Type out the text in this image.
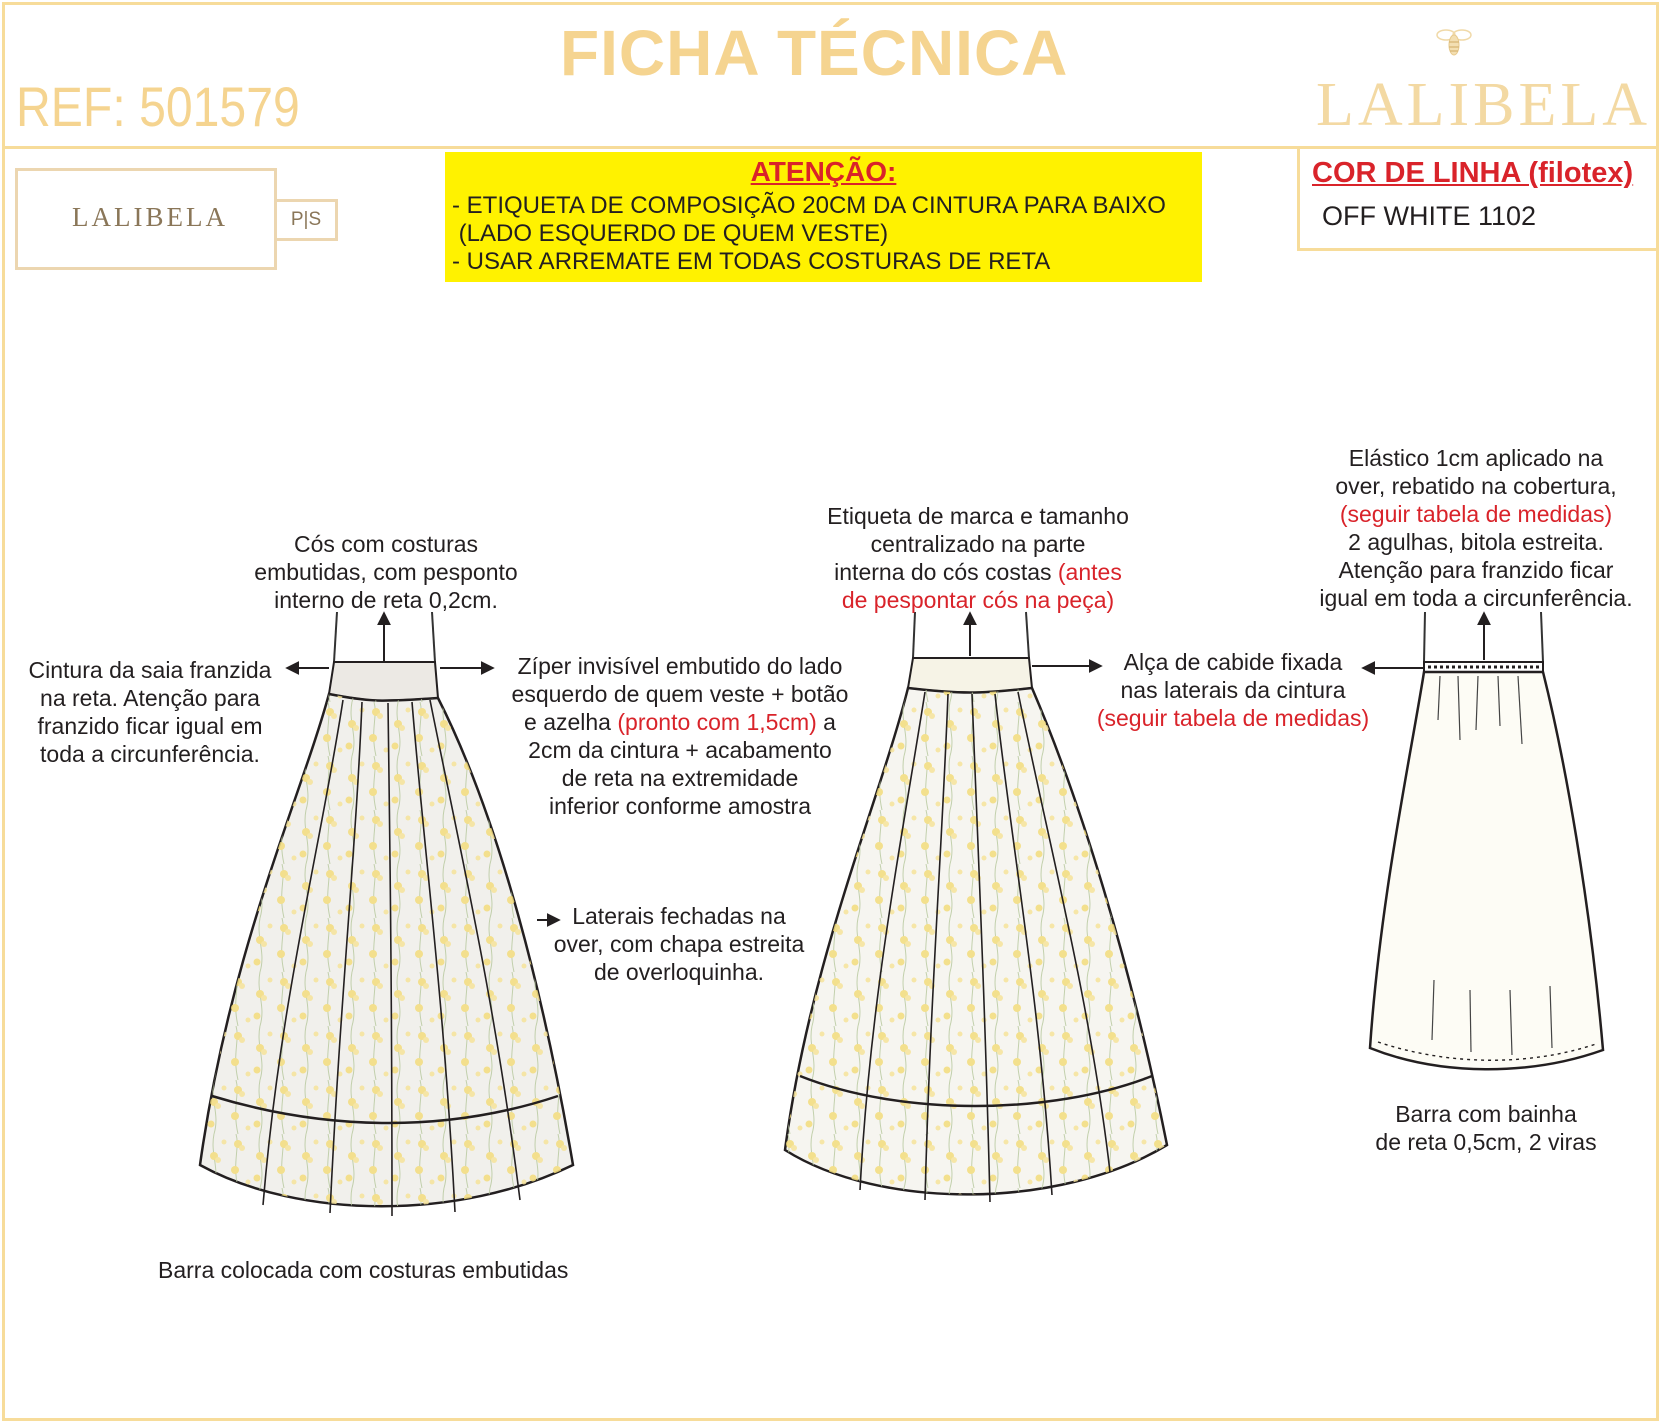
FICHA TÉCNICA
REF: 501579	LALIBELA
LALIBELA	P|S
ATENÇÃO:
- ETIQUETA DE COMPOSIÇÃO 20CM DA CINTURA PARA BAIXO
(LADO ESQUERDO DE QUEM VESTE)
- USAR ARREMATE EM TODAS COSTURAS DE RETA
COR DE LINHA (filotex)
OFF WHITE 1102
Cós com costuras
embutidas, com pesponto
interno de reta 0,2cm.
Cintura da saia franzida
na reta. Atenção para
franzido ficar igual em
toda a circunferência.
Zíper invisível embutido do lado
esquerdo de quem veste + botão
e azelha (pronto com 1,5cm) a
2cm da cintura + acabamento
de reta na extremidade
inferior conforme amostra
Laterais fechadas na
over, com chapa estreita
de overloquinha.
Barra colocada com costuras embutidas
Etiqueta de marca e tamanho
centralizado na parte
interna do cós costas (antes
de pespontar cós na peça)
Alça de cabide fixada
nas laterais da cintura
(seguir tabela de medidas)
Elástico 1cm aplicado na
over, rebatido na cobertura,
(seguir tabela de medidas)
2 agulhas, bitola estreita.
Atenção para franzido ficar
igual em toda a circunferência.
Barra com bainha
de reta 0,5cm, 2 viras
